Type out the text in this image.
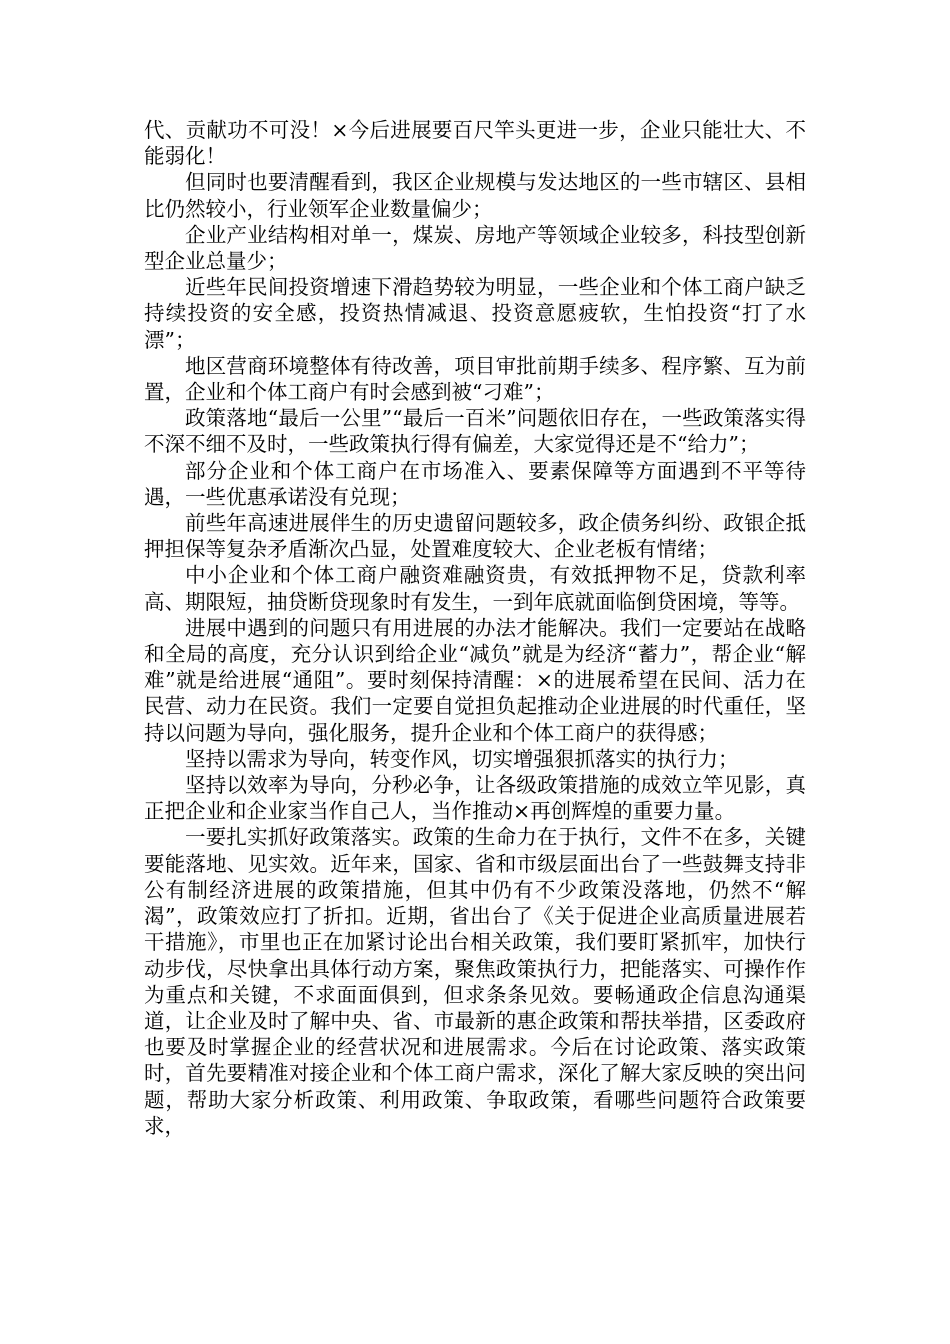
代、贡献功不可没！×今后进展要百尺竿头更进一步，企业只能壮大、不能弱化！

但同时也要清醒看到，我区企业规模与发达地区的一些市辖区、县相比仍然较小，行业领军企业数量偏少；

企业产业结构相对单一，煤炭、房地产等领域企业较多，科技型创新型企业总量少；

近些年民间投资增速下滑趋势较为明显，一些企业和个体工商户缺乏持续投资的安全感，投资热情减退、投资意愿疲软，生怕投资“打了水漂”；

地区营商环境整体有待改善，项目审批前期手续多、程序繁、互为前置，企业和个体工商户有时会感到被“刁难”；

政策落地“最后一公里”“最后一百米”问题依旧存在，一些政策落实得不深不细不及时，一些政策执行得有偏差，大家觉得还是不“给力”；

部分企业和个体工商户在市场准入、要素保障等方面遇到不平等待遇，一些优惠承诺没有兑现；

前些年高速进展伴生的历史遗留问题较多，政企债务纠纷、政银企抵押担保等复杂矛盾渐次凸显，处置难度较大、企业老板有情绪；

中小企业和个体工商户融资难融资贵，有效抵押物不足，贷款利率高、期限短，抽贷断贷现象时有发生，一到年底就面临倒贷困境，等等。

进展中遇到的问题只有用进展的办法才能解决。我们一定要站在战略和全局的高度，充分认识到给企业“减负”就是为经济“蓄力”，帮企业“解难”就是给进展“通阻”。要时刻保持清醒：×的进展希望在民间、活力在民营、动力在民资。我们一定要自觉担负起推动企业进展的时代重任，坚持以问题为导向，强化服务，提升企业和个体工商户的获得感；

坚持以需求为导向，转变作风，切实增强狠抓落实的执行力；

坚持以效率为导向，分秒必争，让各级政策措施的成效立竿见影，真正把企业和企业家当作自己人，当作推动×再创辉煌的重要力量。

一要扎实抓好政策落实。政策的生命力在于执行，文件不在多，关键要能落地、见实效。近年来，国家、省和市级层面出台了一些鼓舞支持非公有制经济进展的政策措施，但其中仍有不少政策没落地，仍然不“解渴”，政策效应打了折扣。近期，省出台了《关于促进企业高质量进展若干措施》，市里也正在加紧讨论出台相关政策，我们要盯紧抓牢，加快行动步伐，尽快拿出具体行动方案，聚焦政策执行力，把能落实、可操作作为重点和关键，不求面面俱到，但求条条见效。要畅通政企信息沟通渠道，让企业及时了解中央、省、市最新的惠企政策和帮扶举措，区委政府也要及时掌握企业的经营状况和进展需求。今后在讨论政策、落实政策时，首先要精准对接企业和个体工商户需求，深化了解大家反映的突出问题，帮助大家分析政策、利用政策、争取政策，看哪些问题符合政策要求，
